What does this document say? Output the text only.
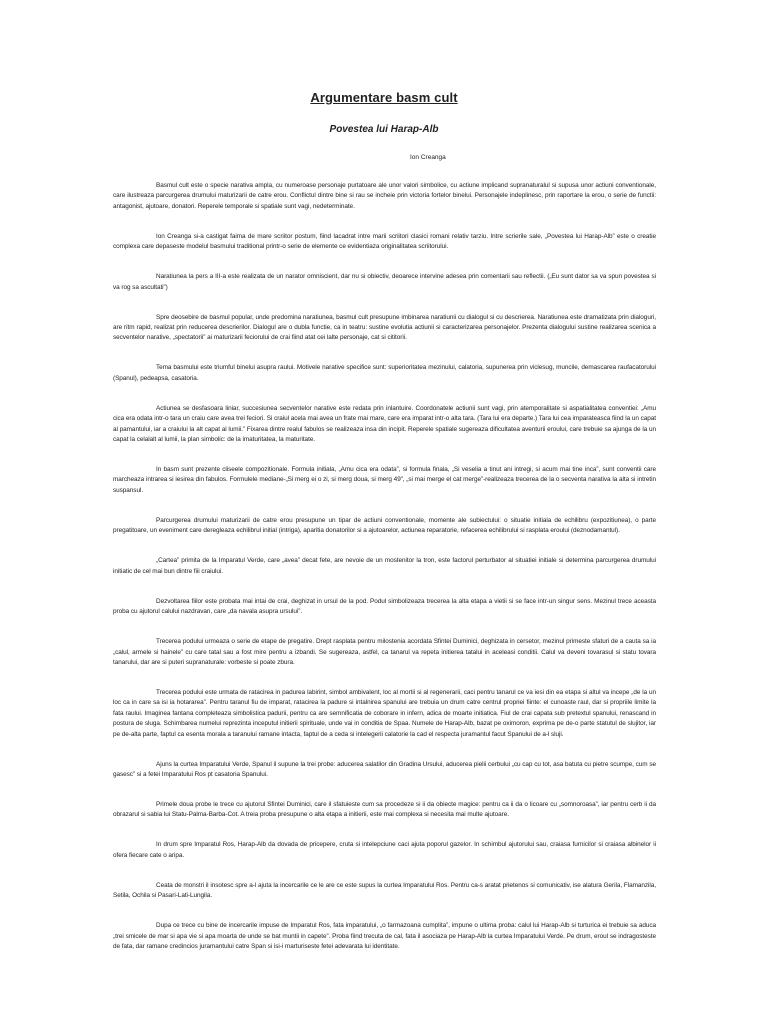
Argumentare basm cult
Povestea lui Harap-Alb
Ion Creanga

Basmul cult este o specie narativa ampla, cu numeroase personaje purtatoare ale unor valori simbolice, cu actiune implicand supranaturalul si supusa unor actiuni conventionale, care ilustreaza parcurgerea drumului maturizarii de catre erou. Conflictul dintre bine si rau se incheie prin victoria fortelor binelui. Personajele indeplinesc, prin raportare la erou, o serie de functii: antagonist, ajutoare, donatori. Reperele temporale si spatiale sunt vagi, nedeterminate.

Ion Creanga si-a castigat faima de mare scriitor postum, fiind lacadrat intre marii scriitori clasici romani relativ tarziu. Intre scrierile sale, „Povestea lui Harap-Alb” este o creatie complexa care depaseste modelul basmului traditional printr-o serie de elemente ce evidentiaza originalitatea scriitorului.

Naratiunea la pers a III-a este realizata de un narator omniscient, dar nu si obiectiv, deoarece intervine adesea prin comentarii sau reflectii. („Eu sunt dator sa va spun povestea si va rog sa ascultati”)

Spre deosebire de basmul popular, unde predomina naratiunea, basmul cult presupune imbinarea naratiunii cu dialogul si cu descrierea. Naratiunea este dramatizata prin dialoguri, are ritm rapid, realizat prin reducerea descrierilor. Dialogul are o dubla functie, ca in teatru: sustine evolutia actiunii si caracterizarea personajelor. Prezenta dialogului sustine realizarea scenica a secventelor narative, „spectatorii” ai maturizarii feciorului de crai fiind atat cei lalte personaje, cat si cititorii.

Tema basmului este triumful binelui asupra raului. Motivele narative specifice sunt: superioritatea mezinului, calatoria, supunerea prin viclesug, muncile, demascarea raufacatorului (Spanul), pedeapsa, casatoria.

Actiunea se desfasoara liniar, succesiunea secventelor narative este redata prin inlantuire. Coordonatele actiunii sunt vagi, prin atemporalitate si aspatialitatea conventiei: „Amu cica era odata intr-o tara un craiu care avea trei feciori. Si craiul acela mai avea un frate mai mare, care era imparat intr-o alta tara. (Tara lui era departe.) Tara lui cea imparateasca fiind la un capat al pamantului, iar a craiului la alt capat al lumii.” Fixarea dintre realul fabulos se realizeaza insa din incipit. Reperele spatiale sugereaza dificultatea aventurii eroului, care trebuie sa ajunga de la un capat la celalalt al lumii, la plan simbolic: de la imaturitatea, la maturitate.

In basm sunt prezente cliseele compozitionale. Formula initiala, „Amu cica era odata”, si formula finala, „Si veselia a tinut ani intregi, si acum mai tine inca”, sunt conventii care marcheaza intrarea si iesirea din fabulos. Formulele mediane-„Si merg ei o zi, si merg doua, si merg 49”, „si mai merge el cat merge”-realizeaza trecerea de la o secventa narativa la alta si intretin suspansul.

Parcurgerea drumului maturizarii de catre erou presupune un tipar de actiuni conventionale, momente ale subiectului: o situatie initiala de echilibru (expozitiunea), o parte pregatitoare, un eveniment care deregleaza echilibrul initial (intriga), aparitia donatorilor si a ajutoarelor, actiunea reparatorie, refacerea echilibrului si rasplata eroului (deznodamantul).

„Cartea” primita de la Imparatul Verde, care „avea” decat fete, are nevoie de un mostenitor la tron, este factorul perturbator al situatiei initiale si determina parcurgerea drumului initiatic de cel mai bun dintre fiii craiului.

Dezvoltarea fiilor este probata mai intai de crai, deghizat in ursul de la pod. Podul simbolizeaza trecerea la alta etapa a vietii si se face intr-un singur sens. Mezinul trece aceasta proba cu ajutorul calului nazdravan, care „da navala asupra ursului”.

Trecerea podului urmeaza o serie de etape de pregatire. Drept rasplata pentru milostenia acordata Sfintei Duminici, deghizata in cersetor, mezinul primeste sfaturi de a cauta sa ia „calul, armele si hainele” cu care tatal sau a fost mire pentru a izbandi. Se sugereaza, astfel, ca tanarul va repeta initierea tatalui in aceleasi conditii. Calul va deveni tovarasul si statu tovara tanarului, dar are si puteri supranaturale: vorbeste si poate zbura.

Trecerea podului este urmata de ratacirea in padurea labirint, simbol ambivalent, loc al mortii si al regenerarii, caci pentru tanarul ce va iesi din ea etapa si altul va incepe „de la un loc ca in care sa isi ia hotararea”. Pentru taranul fiu de imparat, ratacirea la padure si intalnirea spanului are trebuia un drum catre centrul propriei fiinte: el cunoaste raul, dar si propriile limite la fata raului. Imaginea fantana completeaza simbolistica padurii, pentru ca are semnificatia de coborare in infern, adica de moarte initiatica. Fiul de crai capata sub pretextul spanului, renascand in postura de sluga. Schimbarea numelui reprezinta inceputul initierii spirituale, unde vai in conditia de Spaa. Numele de Harap-Alb, bazat pe oximoron, exprima pe de-o parte statutul de slujitor, iar pe de-alta parte, faptul ca esenta morala a taranului ramane intacta, faptul de a ceda si intelegerii calatorie la cad el respecta juramantul facut Spanului de a-l sluji.

Ajuns la curtea Imparatului Verde, Spanul il supune la trei probe: aducerea salatilor din Gradina Ursului, aducerea pielii cerbului „cu cap cu tot, asa batuta cu pietre scumpe, cum se gasesc” si a fetei Imparatului Ros pt casatoria Spanului.

Primele doua probe le trece cu ajutorul Sfintei Duminici, care il sfatuieste cum sa procedeze si ii da obiecte magice: pentru ca ii da o licoare cu „somnoroasa”, iar pentru cerb ii da obrazarul si sabia lui Statu-Palma-Barba-Cot. A treia proba presupune o alta etapa a initierii, este mai complexa si necesita mai multe ajutoare.

In drum spre Imparatul Ros, Harap-Alb da dovada de pricepere, cruta si intelepciune caci ajuta poporul gazelor. In schimbul ajutorului sau, craiasa furnicilor si craiasa albinelor ii ofera fiecare cate o aripa.

Ceata de monstri il insotesc spre a-l ajuta la incercarile ce le are ce este supus la curtea Imparatului Ros. Pentru ca-s aratat prietenos si comunicativ, ise alatura Gerila, Flamanzila, Setila, Ochila si Pasari-Lati-Lungila.

Dupa ce trece cu bine de incercarile impuse de Imparatul Ros, fata imparatului, „o farmazoana cumplita”, impune o ultima proba: calul lui Harap-Alb si turturica ei trebuie sa aduca „trei smicele de mar si apa vie si apa moarta de unde se bat muntii in capete”. Proba fiind trecuta de cal, fata il asociaza pe Harap-Alb la curtea Imparatului Verde. Pe drum, eroul se indragosteste de fata, dar ramane credincios juramantului catre Span si isi-i marturiseste fetei adevarata lui identitate.
